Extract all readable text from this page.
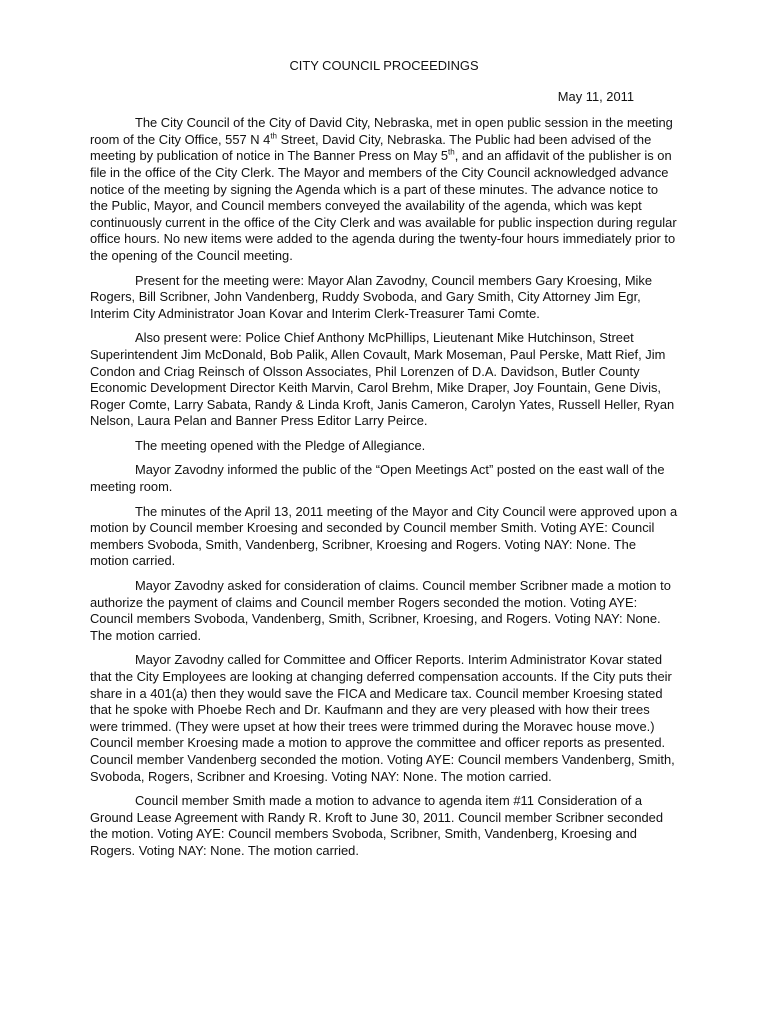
CITY COUNCIL PROCEEDINGS
May 11, 2011

The City Council of the City of David City, Nebraska, met in open public session in the meeting room of the City Office, 557 N 4th Street, David City, Nebraska. The Public had been advised of the meeting by publication of notice in The Banner Press on May 5th, and an affidavit of the publisher is on file in the office of the City Clerk. The Mayor and members of the City Council acknowledged advance notice of the meeting by signing the Agenda which is a part of these minutes. The advance notice to the Public, Mayor, and Council members conveyed the availability of the agenda, which was kept continuously current in the office of the City Clerk and was available for public inspection during regular office hours. No new items were added to the agenda during the twenty-four hours immediately prior to the opening of the Council meeting.

Present for the meeting were: Mayor Alan Zavodny, Council members Gary Kroesing, Mike Rogers, Bill Scribner, John Vandenberg, Ruddy Svoboda, and Gary Smith, City Attorney Jim Egr, Interim City Administrator Joan Kovar and Interim Clerk-Treasurer Tami Comte.

Also present were: Police Chief Anthony McPhillips, Lieutenant Mike Hutchinson, Street Superintendent Jim McDonald, Bob Palik, Allen Covault, Mark Moseman, Paul Perske, Matt Rief, Jim Condon and Criag Reinsch of Olsson Associates, Phil Lorenzen of D.A. Davidson, Butler County Economic Development Director Keith Marvin, Carol Brehm, Mike Draper, Joy Fountain, Gene Divis, Roger Comte, Larry Sabata, Randy & Linda Kroft, Janis Cameron, Carolyn Yates, Russell Heller, Ryan Nelson, Laura Pelan and Banner Press Editor Larry Peirce.

The meeting opened with the Pledge of Allegiance.

Mayor Zavodny informed the public of the “Open Meetings Act” posted on the east wall of the meeting room.

The minutes of the April 13, 2011 meeting of the Mayor and City Council were approved upon a motion by Council member Kroesing and seconded by Council member Smith. Voting AYE: Council members Svoboda, Smith, Vandenberg, Scribner, Kroesing and Rogers. Voting NAY: None. The motion carried.

Mayor Zavodny asked for consideration of claims. Council member Scribner made a motion to authorize the payment of claims and Council member Rogers seconded the motion. Voting AYE: Council members Svoboda, Vandenberg, Smith, Scribner, Kroesing, and Rogers. Voting NAY: None. The motion carried.

Mayor Zavodny called for Committee and Officer Reports. Interim Administrator Kovar stated that the City Employees are looking at changing deferred compensation accounts. If the City puts their share in a 401(a) then they would save the FICA and Medicare tax. Council member Kroesing stated that he spoke with Phoebe Rech and Dr. Kaufmann and they are very pleased with how their trees were trimmed. (They were upset at how their trees were trimmed during the Moravec house move.) Council member Kroesing made a motion to approve the committee and officer reports as presented. Council member Vandenberg seconded the motion. Voting AYE: Council members Vandenberg, Smith, Svoboda, Rogers, Scribner and Kroesing. Voting NAY: None. The motion carried.

Council member Smith made a motion to advance to agenda item #11 Consideration of a Ground Lease Agreement with Randy R. Kroft to June 30, 2011. Council member Scribner seconded the motion. Voting AYE: Council members Svoboda, Scribner, Smith, Vandenberg, Kroesing and Rogers. Voting NAY: None. The motion carried.
